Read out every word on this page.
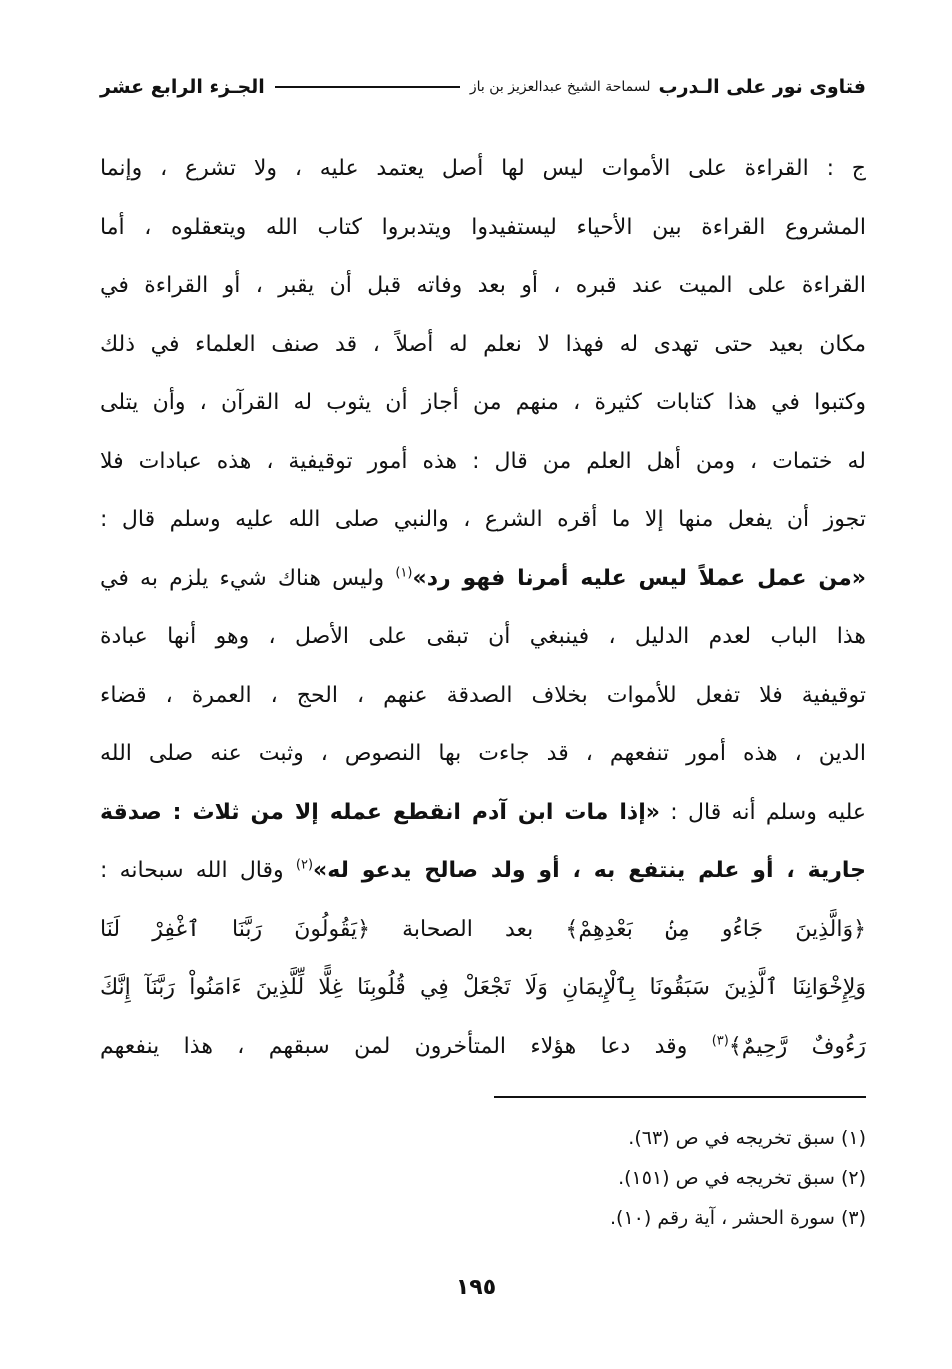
فتاوى نور على الـدرب
لسماحة الشيخ عبدالعزيز بن باز
الجـزء الرابع عشر
ج : القراءة على الأموات ليس لها أصل يعتمد عليه ، ولا تشرع ، وإنما
المشروع القراءة بين الأحياء ليستفيدوا ويتدبروا كتاب الله ويتعقلوه ، أما
القراءة على الميت عند قبره ، أو بعد وفاته قبل أن يقبر ، أو القراءة في
مكان بعيد حتى تهدى له فهذا لا نعلم له أصلاً ، قد صنف العلماء في ذلك
وكتبوا في هذا كتابات كثيرة ، منهم من أجاز أن يثوب له القرآن ، وأن يتلى
له ختمات ، ومن أهل العلم من قال : هذه أمور توقيفية ، هذه عبادات فلا
تجوز أن يفعل منها إلا ما أقره الشرع ، والنبي صلى الله عليه وسلم قال :
«من عمل عملاً ليس عليه أمرنا فهو رد»$^{(١)}$ وليس هناك شيء يلزم به في
هذا الباب لعدم الدليل ، فينبغي أن تبقى على الأصل ، وهو أنها عبادة
توقيفية فلا تفعل للأموات بخلاف الصدقة عنهم ، الحج ، العمرة ، قضاء
الدين ، هذه أمور تنفعهم ، قد جاءت بها النصوص ، وثبت عنه صلى الله
عليه وسلم أنه قال : «إذا مات ابن آدم انقطع عمله إلا من ثلاث : صدقة
جارية ، أو علم ينتفع به ، أو ولد صالح يدعو له»$^{(٢)}$ وقال الله سبحانه :
﴿وَالَّذِينَ جَاءُو مِنۢ بَعْدِهِمْ﴾ بعد الصحابة ﴿يَقُولُونَ رَبَّنَا ٱغْفِرْ لَنَا
وَلِإِخْوَانِنَا ٱلَّذِينَ سَبَقُونَا بِٱلْإِيمَانِ وَلَا تَجْعَلْ فِي قُلُوبِنَا غِلًّا لِّلَّذِينَ ءَامَنُواْ رَبَّنَآ إِنَّكَ
رَءُوفٌ رَّحِيمٌ﴾$^{(٣)}$ وقد دعا هؤلاء المتأخرون لمن سبقهم ، هذا ينفعهم
(١) سبق تخريجه في ص (٦٣).
(٢) سبق تخريجه في ص (١٥١).
(٣) سورة الحشر ، آية رقم (١٠).
١٩٥
